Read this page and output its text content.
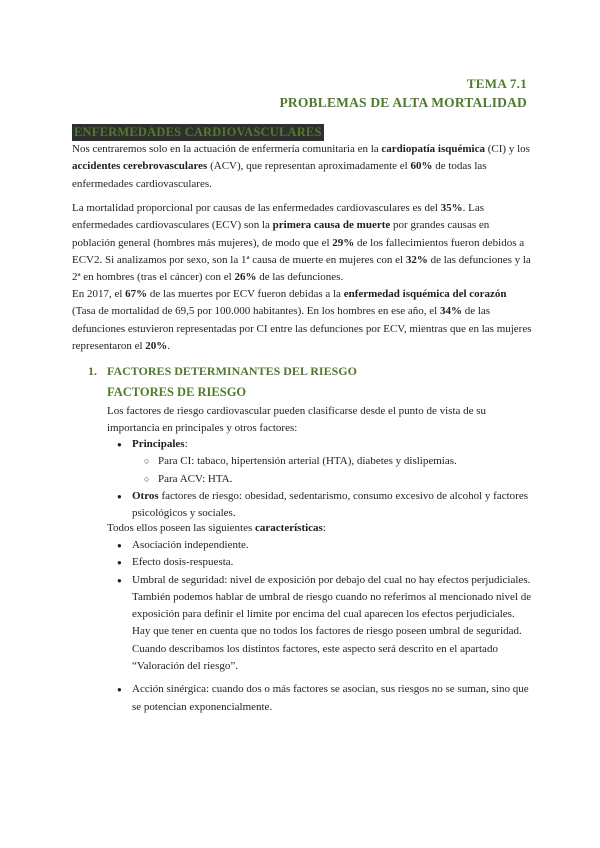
TEMA 7.1
PROBLEMAS DE ALTA MORTALIDAD
ENFERMEDADES CARDIOVASCULARES
Nos centraremos solo en la actuación de enfermería comunitaria en la cardiopatía isquémica (CI) y los accidentes cerebrovasculares (ACV), que representan aproximadamente el 60% de todas las enfermedades cardiovasculares.
La mortalidad proporcional por causas de las enfermedades cardiovasculares es del 35%. Las enfermedades cardiovasculares (ECV) son la primera causa de muerte por grandes causas en población general (hombres más mujeres), de modo que el 29% de los fallecimientos fueron debidos a ECV2. Si analizamos por sexo, son la 1ª causa de muerte en mujeres con el 32% de las defunciones y la 2ª en hombres (tras el cáncer) con el 26% de las defunciones.
En 2017, el 67% de las muertes por ECV fueron debidas a la enfermedad isquémica del corazón (Tasa de mortalidad de 69,5 por 100.000 habitantes). En los hombres en ese año, el 34% de las defunciones estuvieron representadas por CI entre las defunciones por ECV, mientras que en las mujeres representaron el 20%.
1. FACTORES DETERMINANTES DEL RIESGO
FACTORES DE RIESGO
Los factores de riesgo cardiovascular pueden clasificarse desde el punto de vista de su importancia en principales y otros factores:
● Principales:
○ Para CI: tabaco, hipertensión arterial (HTA), diabetes y dislipemias.
○ Para ACV: HTA.
● Otros factores de riesgo: obesidad, sedentarismo, consumo excesivo de alcohol y factores psicológicos y sociales.
Todos ellos poseen las siguientes características:
● Asociación independiente.
● Efecto dosis-respuesta.
● Umbral de seguridad: nivel de exposición por debajo del cual no hay efectos perjudiciales. También podemos hablar de umbral de riesgo cuando no referimos al mencionado nivel de exposición para definir el límite por encima del cual aparecen los efectos perjudiciales. Hay que tener en cuenta que no todos los factores de riesgo poseen umbral de seguridad. Cuando describamos los distintos factores, este aspecto será descrito en el apartado “Valoración del riesgo”.
● Acción sinérgica: cuando dos o más factores se asocian, sus riesgos no se suman, sino que se potencian exponencialmente.
